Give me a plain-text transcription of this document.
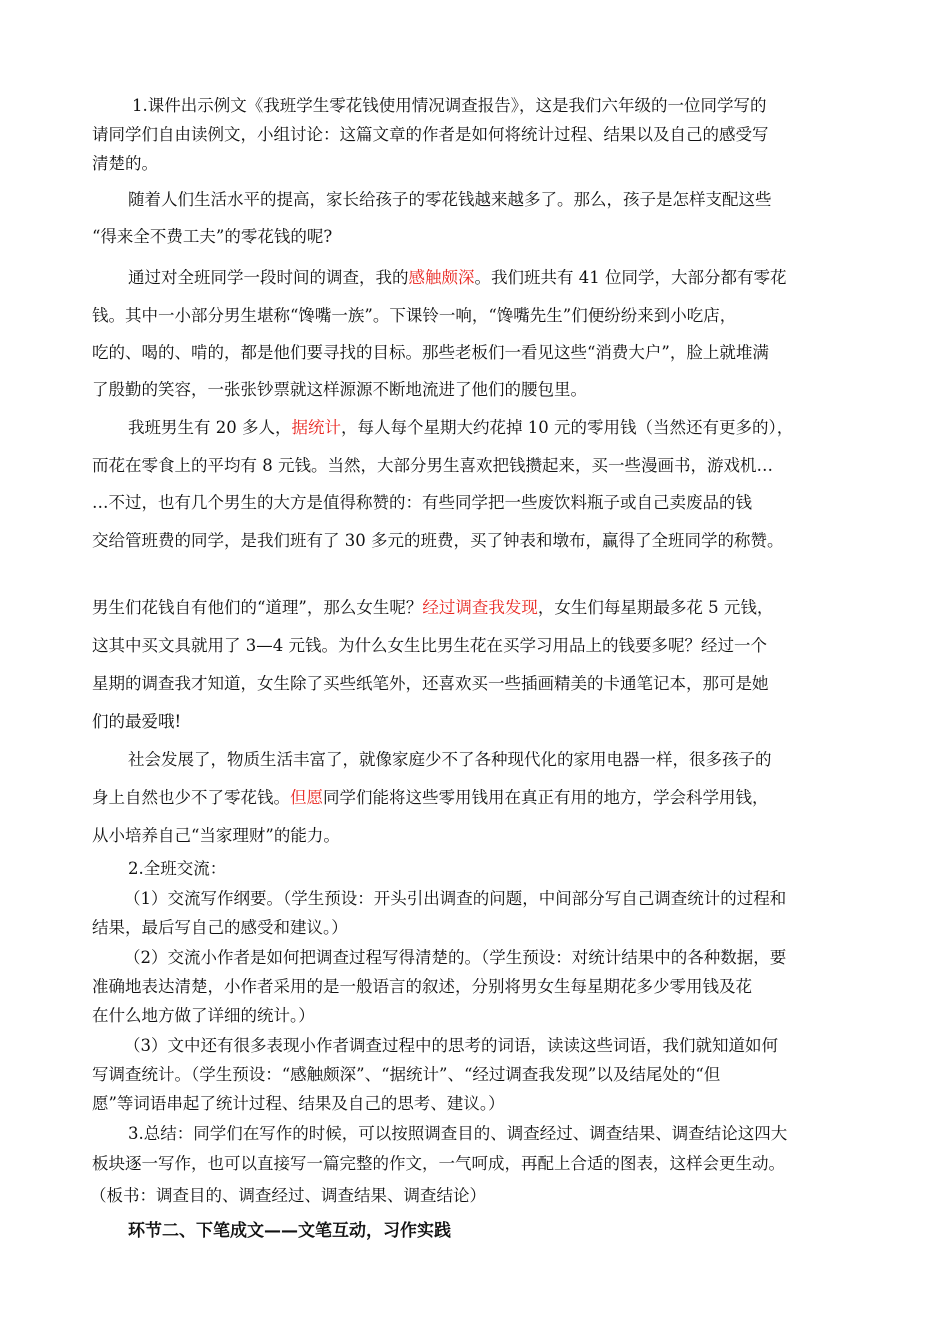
1.课件出示例文《我班学生零花钱使用情况调查报告》，这是我们六年级的一位同学写的
请同学们自由读例文，小组讨论：这篇文章的作者是如何将统计过程、结果以及自己的感受写
清楚的。
随着人们生活水平的提高，家长给孩子的零花钱越来越多了。那么，孩子是怎样支配这些
“得来全不费工夫”的零花钱的呢?
通过对全班同学一段时间的调查，我的感触颇深。我们班共有 41 位同学，大部分都有零花
钱。其中一小部分男生堪称“馋嘴一族”。下课铃一响，“馋嘴先生”们便纷纷来到小吃店，
吃的、喝的、啃的，都是他们要寻找的目标。那些老板们一看见这些“消费大户”，脸上就堆满
了殷勤的笑容，一张张钞票就这样源源不断地流进了他们的腰包里。
我班男生有 20 多人，据统计，每人每个星期大约花掉 10 元的零用钱（当然还有更多的），
而花在零食上的平均有 8 元钱。当然，大部分男生喜欢把钱攒起来，买一些漫画书，游戏机…
…不过，也有几个男生的大方是值得称赞的：有些同学把一些废饮料瓶子或自己卖废品的钱
交给管班费的同学，是我们班有了 30 多元的班费，买了钟表和墩布，赢得了全班同学的称赞。
男生们花钱自有他们的“道理”，那么女生呢？经过调查我发现，女生们每星期最多花 5 元钱，
这其中买文具就用了 3—4 元钱。为什么女生比男生花在买学习用品上的钱要多呢？经过一个
星期的调查我才知道，女生除了买些纸笔外，还喜欢买一些插画精美的卡通笔记本，那可是她
们的最爱哦!
社会发展了，物质生活丰富了，就像家庭少不了各种现代化的家用电器一样，很多孩子的
身上自然也少不了零花钱。但愿同学们能将这些零用钱用在真正有用的地方，学会科学用钱，
从小培养自己“当家理财”的能力。
2.全班交流：
（1）交流写作纲要。（学生预设：开头引出调查的问题，中间部分写自己调查统计的过程和
结果，最后写自己的感受和建议。）
（2）交流小作者是如何把调查过程写得清楚的。（学生预设：对统计结果中的各种数据，要
准确地表达清楚，小作者采用的是一般语言的叙述，分别将男女生每星期花多少零用钱及花
在什么地方做了详细的统计。）
（3）文中还有很多表现小作者调查过程中的思考的词语，读读这些词语，我们就知道如何
写调查统计。（学生预设：“感触颇深”、“据统计”、“经过调查我发现”以及结尾处的“但
愿”等词语串起了统计过程、结果及自己的思考、建议。）
3.总结：同学们在写作的时候，可以按照调查目的、调查经过、调查结果、调查结论这四大
板块逐一写作，也可以直接写一篇完整的作文，一气呵成，再配上合适的图表，这样会更生动。
（板书：调查目的、调查经过、调查结果、调查结论）
环节二、下笔成文——文笔互动，习作实践
